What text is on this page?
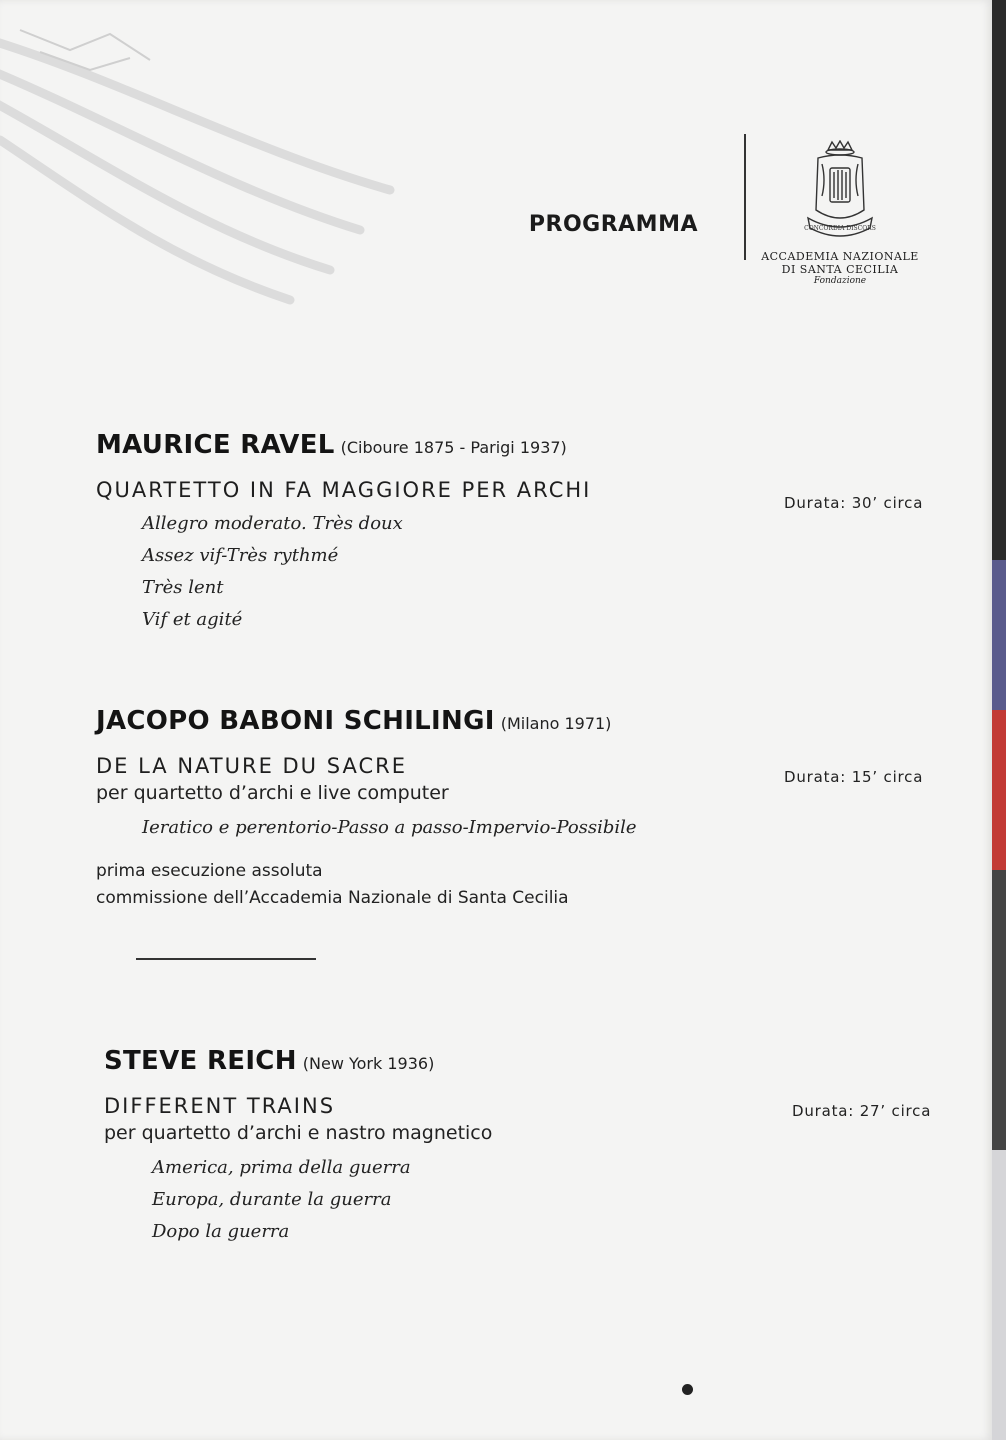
PROGRAMMA	CONCORDIA DISCORS
ACCADEMIA NAZIONALE
DI SANTA CECILIA
Fondazione
MAURICE RAVEL (Ciboure 1875 - Parigi 1937)
QUARTETTO IN FA MAGGIORE PER ARCHI
Allegro moderato. Très doux
Assez vif-Très rythmé
Très lent
Vif et agité
Durata: 30’ circa
JACOPO BABONI SCHILINGI (Milano 1971)
DE LA NATURE DU SACRE
per quartetto d’archi e live computer
Ieratico e perentorio-Passo a passo-Impervio-Possibile
prima esecuzione assoluta
commissione dell’Accademia Nazionale di Santa Cecilia
Durata: 15’ circa
STEVE REICH (New York 1936)
DIFFERENT TRAINS
per quartetto d’archi e nastro magnetico
America, prima della guerra
Europa, durante la guerra
Dopo la guerra
Durata: 27’ circa
